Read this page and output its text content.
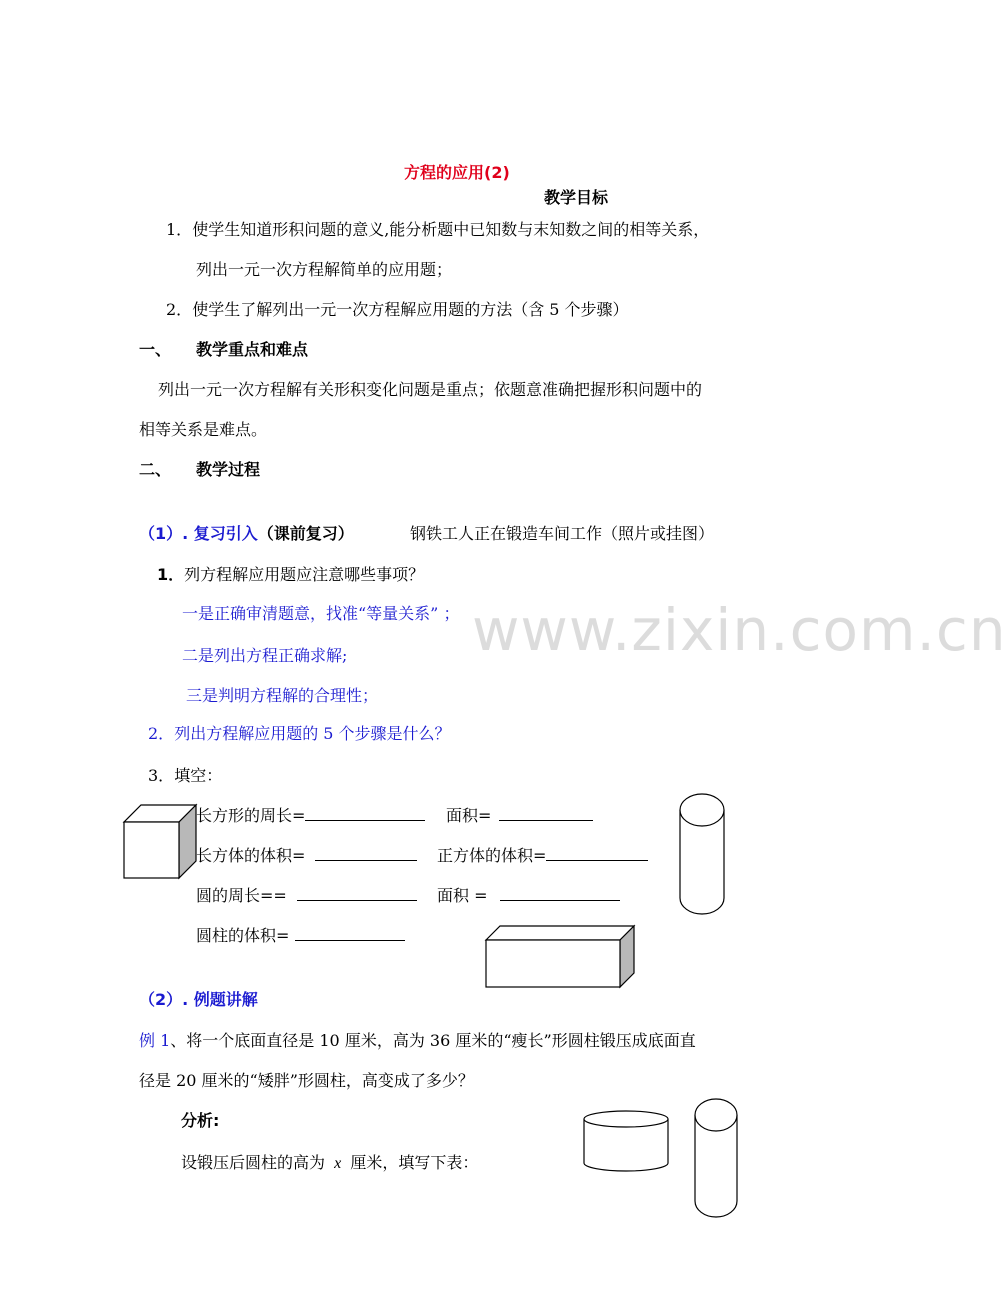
www.zixin.com.cn
方程的应用(2)
教学目标
1．使学生知道形积问题的意义,能分析题中已知数与末知数之间的相等关系，
列出一元一次方程解简单的应用题；
2．使学生了解列出一元一次方程解应用题的方法（含 5 个步骤）
一、 教学重点和难点
列出一元一次方程解有关形积变化问题是重点；依题意准确把握形积问题中的
相等关系是难点。
二、 教学过程
（1）. 复习引入（课前复习）	钢铁工人正在锻造车间工作（照片或挂图）
1．列方程解应用题应注意哪些事项？
一是正确审清题意，找准“等量关系” ；
二是列出方程正确求解;
三是判明方程解的合理性；
2．列出方程解应用题的 5 个步骤是什么？
3．填空：
长方形的周长=	面积=
长方体的体积=	正方体的体积=
圆的周长==	面积 =
圆柱的体积=
（2）. 例题讲解
例 1、将一个底面直径是 10 厘米，高为 36 厘米的“瘦长”形圆柱锻压成底面直
径是 20 厘米的“矮胖”形圆柱，高变成了多少？
分析:
设锻压后圆柱的高为 x 厘米，填写下表：
